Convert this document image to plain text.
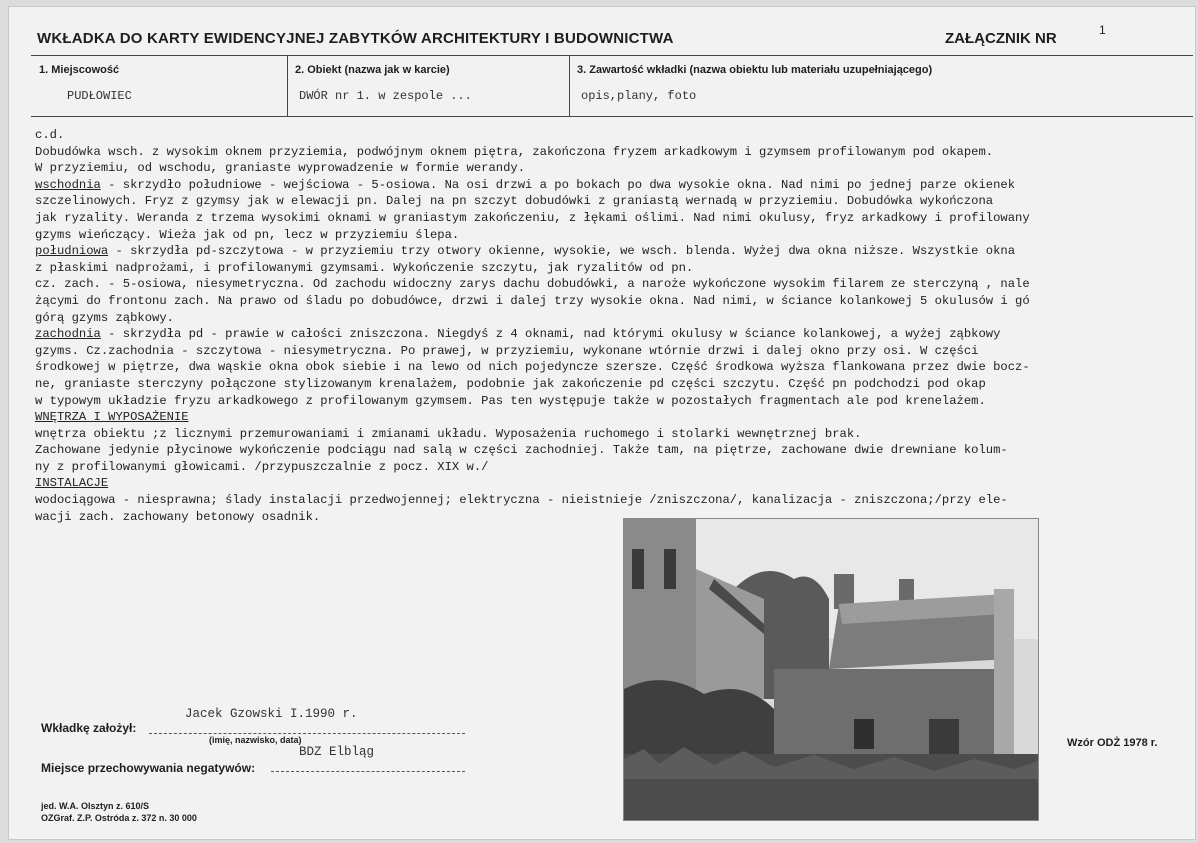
WKŁADKA DO KARTY EWIDENCYJNEJ ZABYTKÓW ARCHITEKTURY I BUDOWNICTWA	ZAŁĄCZNIK NR	1
1. Miejscowość
PUDŁOWIEC
2. Obiekt (nazwa jak w karcie)
DWÓR nr 1. w zespole ...
3. Zawartość wkładki (nazwa obiektu lub materiału uzupełniającego)
opis,plany, foto
c.d.
Dobudówka wsch. z wysokim oknem przyziemia, podwójnym oknem piętra, zakończona fryzem arkadkowym i gzymsem profilowanym pod okapem.
W przyziemiu, od wschodu, graniaste wyprowadzenie w formie werandy.
wschodnia - skrzydło południowe - wejściowa - 5-osiowa. Na osi drzwi a po bokach po dwa wysokie okna. Nad nimi po jednej parze okienek
szczelinowych. Fryz z gzymsy jak w elewacji pn. Dalej na pn szczyt dobudówki z graniastą wernadą w przyziemiu. Dobudówka wykończona
jak ryzality. Weranda z trzema wysokimi oknami w graniastym zakończeniu, z łękami oślimi. Nad nimi okulusy, fryz arkadkowy i profilowany
gzyms wieńczący. Wieża jak od pn, lecz w przyziemiu ślepa.
południowa - skrzydła pd-szczytowa - w przyziemiu trzy otwory okienne, wysokie, we wsch. blenda. Wyżej dwa okna niższe. Wszystkie okna
z płaskimi nadprożami, i profilowanymi gzymsami. Wykończenie szczytu, jak ryzalitów od pn.
cz. zach. - 5-osiowa, niesymetryczna. Od zachodu widoczny zarys dachu dobudówki, a naroże wykończone wysokim filarem ze sterczyną , nale
żącymi do frontonu zach. Na prawo od śladu po dobudówce, drzwi i dalej trzy wysokie okna. Nad nimi, w ściance kolankowej 5 okulusów i gó
górą gzyms ząbkowy.
zachodnia - skrzydła pd - prawie w całości zniszczona. Niegdyś z 4 oknami, nad którymi okulusy w ściance kolankowej, a wyżej ząbkowy
gzyms. Cz.zachodnia - szczytowa - niesymetryczna. Po prawej, w przyziemiu, wykonane wtórnie drzwi i dalej okno przy osi. W części
środkowej w piętrze, dwa wąskie okna obok siebie i na lewo od nich pojedyncze szersze. Część środkowa wyższa flankowana przez dwie bocz-
ne, graniaste sterczyny połączone stylizowanym krenalażem, podobnie jak zakończenie pd części szczytu. Część pn podchodzi pod okap
w typowym układzie fryzu arkadkowego z profilowanym gzymsem. Pas ten występuje także w pozostałych fragmentach ale pod krenelażem.
WNĘTRZA I WYPOSAŻENIE
wnętrza obiektu ;z licznymi przemurowaniami i zmianami układu. Wyposażenia ruchomego i stolarki wewnętrznej brak.
Zachowane jedynie płycinowe wykończenie podciągu nad salą w części zachodniej. Także tam, na piętrze, zachowane dwie drewniane kolum-
ny z profilowanymi głowicami. /przypuszczalnie z pocz. XIX w./
INSTALACJE
wodociągowa - niesprawna; ślady instalacji przedwojennej; elektryczna - nieistnieje /zniszczona/, kanalizacja - zniszczona;/przy ele-
wacji zach. zachowany betonowy osadnik.
Wkładkę założył:
Jacek Gzowski I.1990 r.
(imię, nazwisko, data)
BDZ Elbląg
Miejsce przechowywania negatywów:
Wzór ODŻ 1978 r.
jed. W.A. Olsztyn z. 610/S
OZGraf. Z.P. Ostróda z. 372 n. 30 000
